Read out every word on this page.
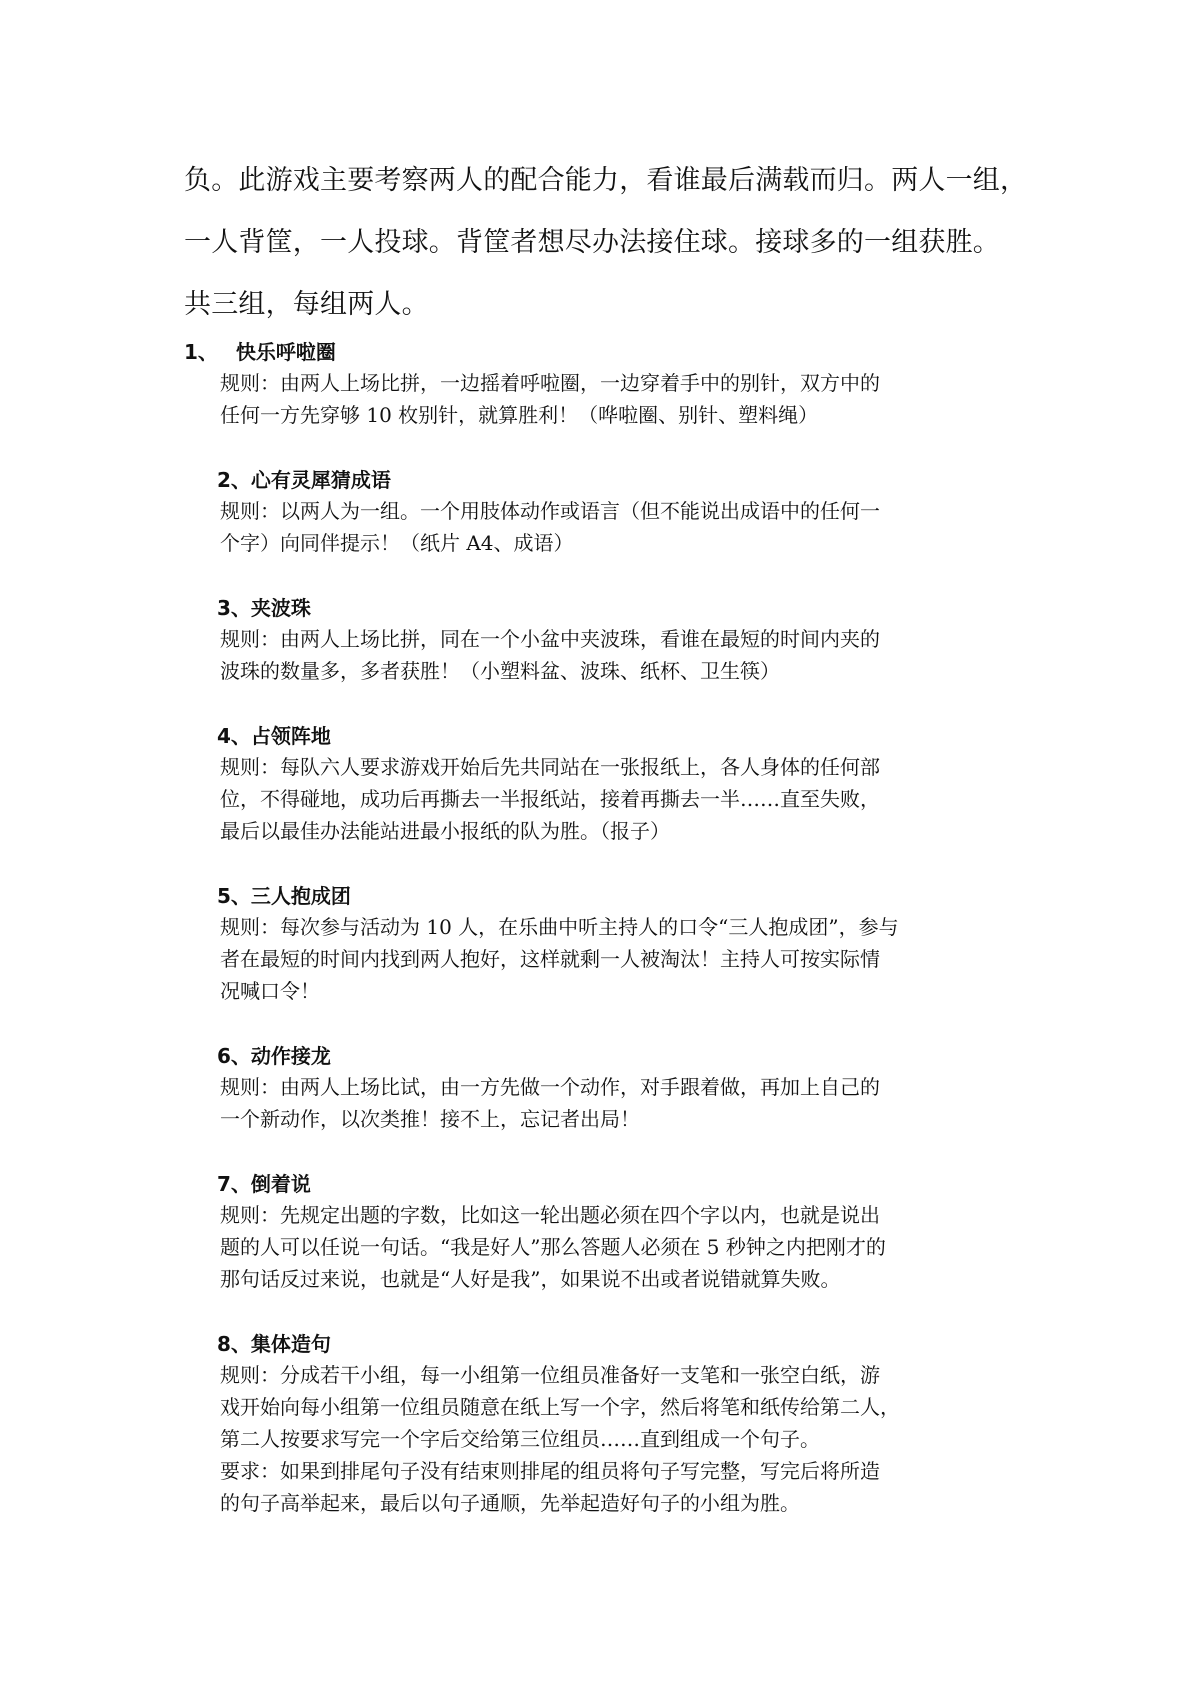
负。此游戏主要考察两人的配合能力，看谁最后满载而归。两人一组，
一人背筐，一人投球。背筐者想尽办法接住球。接球多的一组获胜。
共三组，每组两人。
1、 快乐呼啦圈
规则：由两人上场比拼，一边摇着呼啦圈，一边穿着手中的别针，双方中的
任何一方先穿够 10 枚别针，就算胜利！（哗啦圈、别针、塑料绳）
2、心有灵犀猜成语
规则：以两人为一组。一个用肢体动作或语言（但不能说出成语中的任何一
个字）向同伴提示！（纸片 A4、成语）
3、夹波珠
规则：由两人上场比拼，同在一个小盆中夹波珠，看谁在最短的时间内夹的
波珠的数量多，多者获胜！（小塑料盆、波珠、纸杯、卫生筷）
4、占领阵地
规则：每队六人要求游戏开始后先共同站在一张报纸上，各人身体的任何部
位，不得碰地，成功后再撕去一半报纸站，接着再撕去一半……直至失败，
最后以最佳办法能站进最小报纸的队为胜。（报子）
5、三人抱成团
规则：每次参与活动为 10 人，在乐曲中听主持人的口令“三人抱成团”，参与
者在最短的时间内找到两人抱好，这样就剩一人被淘汰！主持人可按实际情
况喊口令！
6、动作接龙
规则：由两人上场比试，由一方先做一个动作，对手跟着做，再加上自己的
一个新动作，以次类推！接不上，忘记者出局！
7、倒着说
规则：先规定出题的字数，比如这一轮出题必须在四个字以内，也就是说出
题的人可以任说一句话。“我是好人”那么答题人必须在 5 秒钟之内把刚才的
那句话反过来说，也就是“人好是我”，如果说不出或者说错就算失败。
8、集体造句
规则：分成若干小组，每一小组第一位组员准备好一支笔和一张空白纸，游
戏开始向每小组第一位组员随意在纸上写一个字，然后将笔和纸传给第二人，
第二人按要求写完一个字后交给第三位组员……直到组成一个句子。
要求：如果到排尾句子没有结束则排尾的组员将句子写完整，写完后将所造
的句子高举起来，最后以句子通顺，先举起造好句子的小组为胜。
